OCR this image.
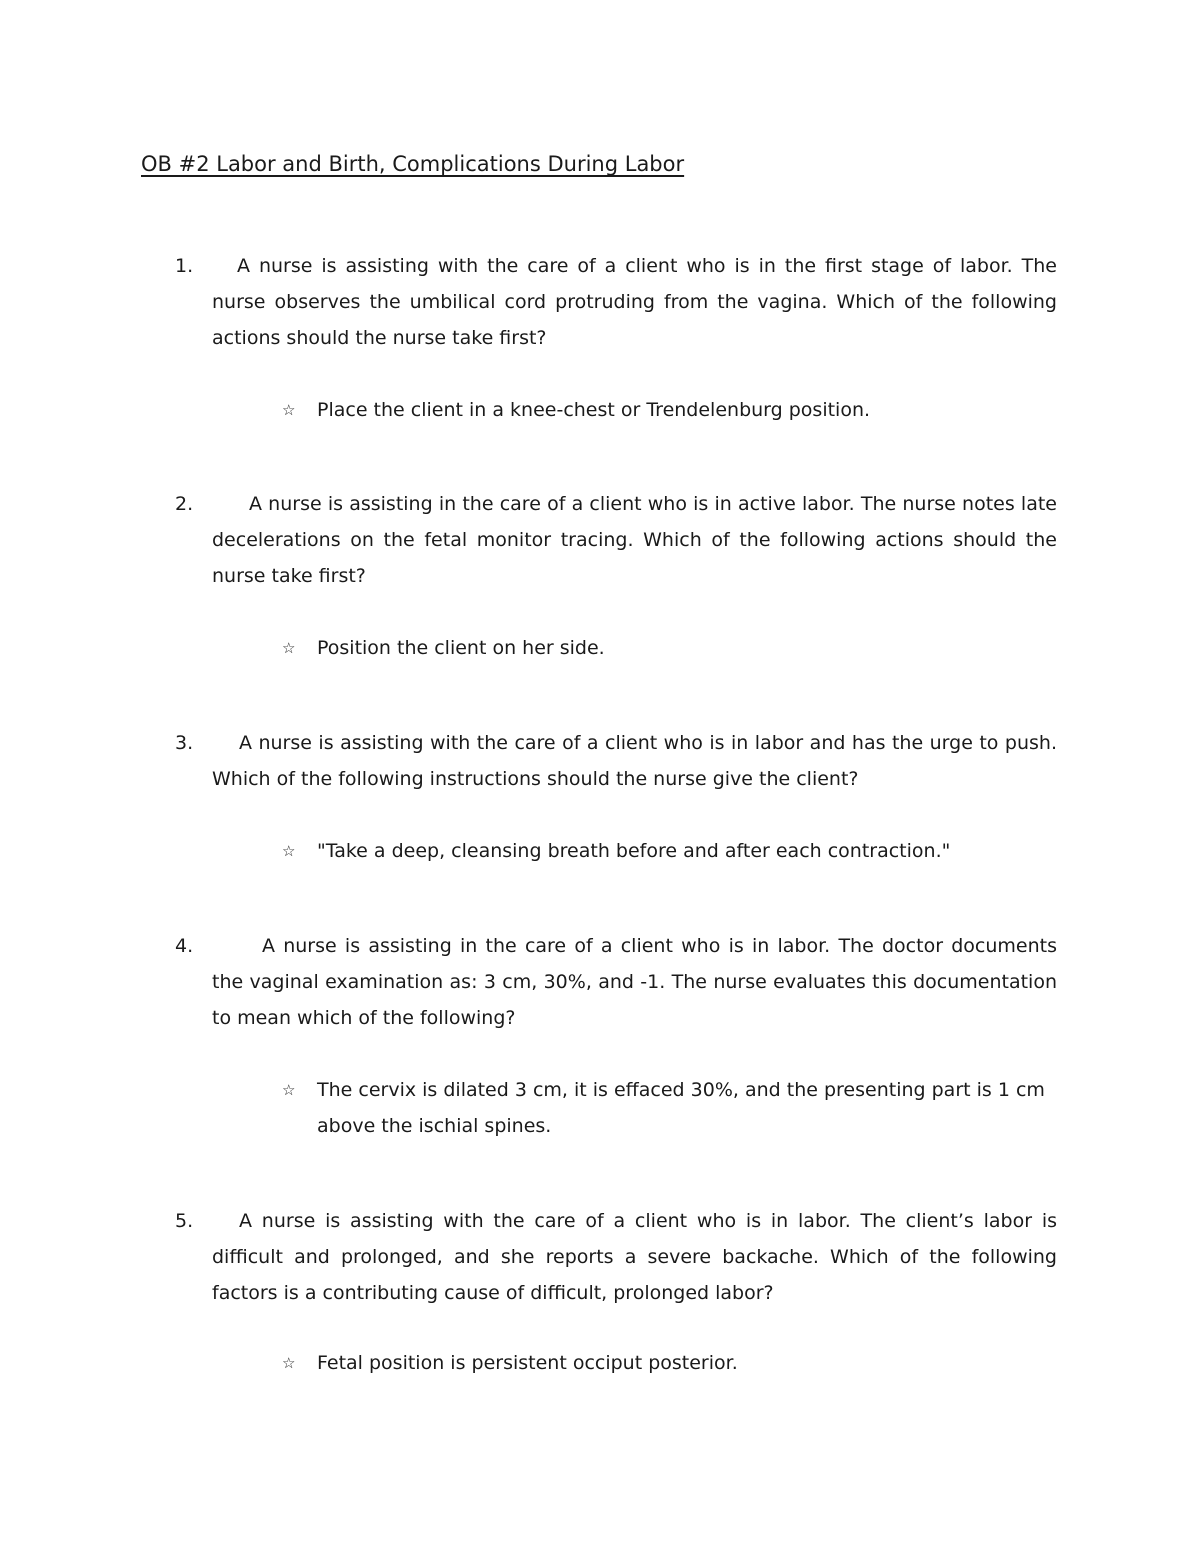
OB #2 Labor and Birth, Complications During Labor
1.	A nurse is assisting with the care of a client who is in the first stage of labor. The nurse observes the umbilical cord protruding from the vagina. Which of the following actions should the nurse take first?

☆ Place the client in a knee-chest or Trendelenburg position.

2.	A nurse is assisting in the care of a client who is in active labor. The nurse notes late decelerations on the fetal monitor tracing. Which of the following actions should the nurse take first?

☆ Position the client on her side.

3.	A nurse is assisting with the care of a client who is in labor and has the urge to push. Which of the following instructions should the nurse give the client?

☆ "Take a deep, cleansing breath before and after each contraction."

4.	A nurse is assisting in the care of a client who is in labor. The doctor documents the vaginal examination as: 3 cm, 30%, and -1. The nurse evaluates this documentation to mean which of the following?

☆ The cervix is dilated 3 cm, it is effaced 30%, and the presenting part is 1 cm above the ischial spines.

5.	A nurse is assisting with the care of a client who is in labor. The client’s labor is difficult and prolonged, and she reports a severe backache. Which of the following factors is a contributing cause of difficult, prolonged labor?

☆ Fetal position is persistent occiput posterior.
